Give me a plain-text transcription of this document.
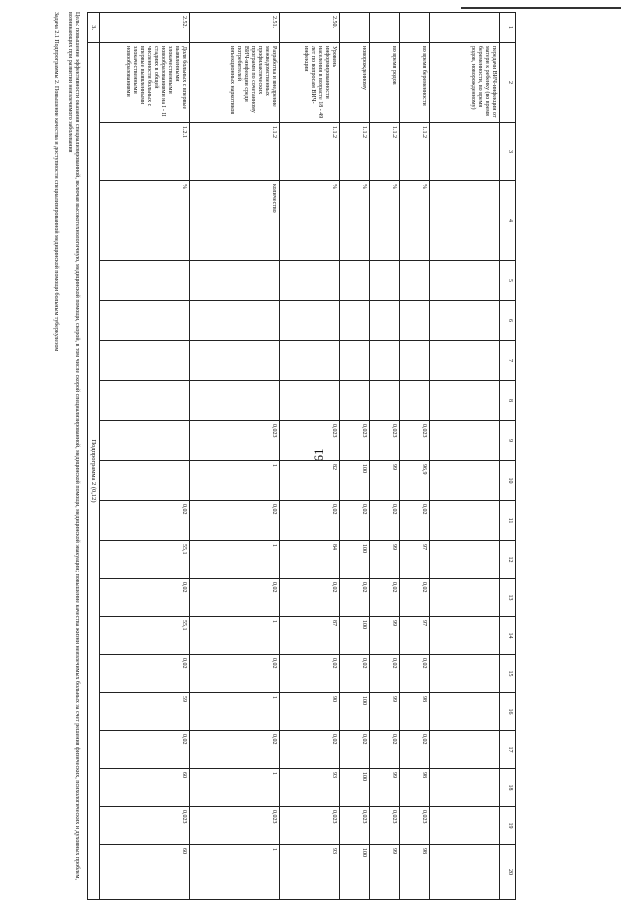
61
1	2	3	4	5	6	7	8	9	10	11	12	13	14	15	16	17	18	19	20
	передачи ВИЧ-инфекции от матери к ребенку (во время беременности, во время родов, новорожденному)																		
	во время беременности	1.1.2	%					0,023	96,9	0,02	97	0,02	97	0,02	98	0,02	98	0,023	98
	во время родов	1.1.2	%					0,023	99	0,02	99	0,02	99	0,02	99	0,02	99	0,023	99
	новорожденному	1.1.2	%					0,023	100	0,02	100	0,02	100	0,02	100	0,02	100	0,023	100
2.50.	Уровень информированности населения в возрасте 18 - 49 лет по вопросам ВИЧ-инфекции	1.1.2	%					0,023	82	0,02	84	0,02	87	0,02	90	0,02	93	0,023	93
2.51.	Разработка и внедрение межведомственных профилактических программ по сочетанному ВИЧ-инфекции среди потребителей инъекционных наркотиков	1.1.2	количество					0,023	1	0,02	1	0,02	1	0,02	1	0,02	1	0,023	1
2.52.	Доля больных с впервые выявленными злокачественными новообразованиями на I - II стадиях в общей численности больных с впервые выявленными злокачественными новообразованиями	1.2.1	%							0,02	55,1	0,02	55,1	0,02	59	0,02	60	0,023	60
3.	Подпрограмма 2 (0,12)																		
Цель: повышение эффективности оказания специализированной, включая высокотехнологичную, медицинской помощи, скорой, в том числе скорой специализированной, медицинской помощи, медицинской эвакуации; повышение качества жизни неизлечимых больных за счет решения физических, психологических и духовных проблем, возникающих при развитии неизлечимого заболевания
Задача 2.1 Подпрограммы 2. Повышение качества и доступности специализированной медицинской помощи больным туберкулезом
